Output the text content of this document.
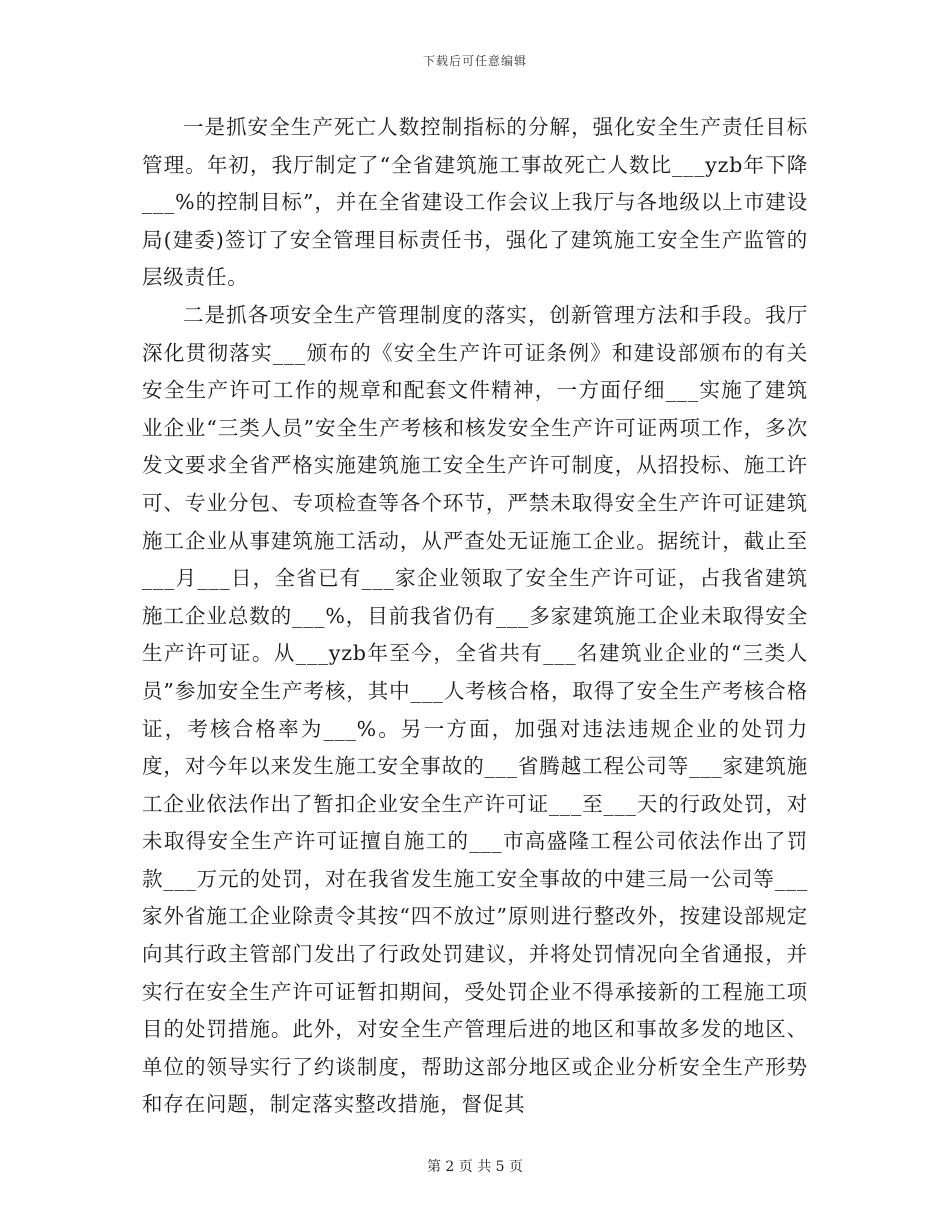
下载后可任意编辑

一是抓安全生产死亡人数控制指标的分解，强化安全生产责任目标管理。年初，我厅制定了“全省建筑施工事故死亡人数比___yzb年下降___%的控制目标”，并在全省建设工作会议上我厅与各地级以上市建设局(建委)签订了安全管理目标责任书，强化了建筑施工安全生产监管的层级责任。

二是抓各项安全生产管理制度的落实，创新管理方法和手段。我厅深化贯彻落实___颁布的《安全生产许可证条例》和建设部颁布的有关安全生产许可工作的规章和配套文件精神，一方面仔细___实施了建筑业企业“三类人员”安全生产考核和核发安全生产许可证两项工作，多次发文要求全省严格实施建筑施工安全生产许可制度，从招投标、施工许可、专业分包、专项检查等各个环节，严禁未取得安全生产许可证建筑施工企业从事建筑施工活动，从严查处无证施工企业。据统计，截止至___月___日，全省已有___家企业领取了安全生产许可证，占我省建筑施工企业总数的___%，目前我省仍有___多家建筑施工企业未取得安全生产许可证。从___yzb年至今，全省共有___名建筑业企业的“三类人员”参加安全生产考核，其中___人考核合格，取得了安全生产考核合格证，考核合格率为___%。另一方面，加强对违法违规企业的处罚力度，对今年以来发生施工安全事故的___省腾越工程公司等___家建筑施工企业依法作出了暂扣企业安全生产许可证___至___天的行政处罚，对未取得安全生产许可证擅自施工的___市高盛隆工程公司依法作出了罚款___万元的处罚，对在我省发生施工安全事故的中建三局一公司等___家外省施工企业除责令其按“四不放过”原则进行整改外，按建设部规定向其行政主管部门发出了行政处罚建议，并将处罚情况向全省通报，并实行在安全生产许可证暂扣期间，受处罚企业不得承接新的工程施工项目的处罚措施。此外，对安全生产管理后进的地区和事故多发的地区、单位的领导实行了约谈制度，帮助这部分地区或企业分析安全生产形势和存在问题，制定落实整改措施，督促其

第 2 页 共 5 页
